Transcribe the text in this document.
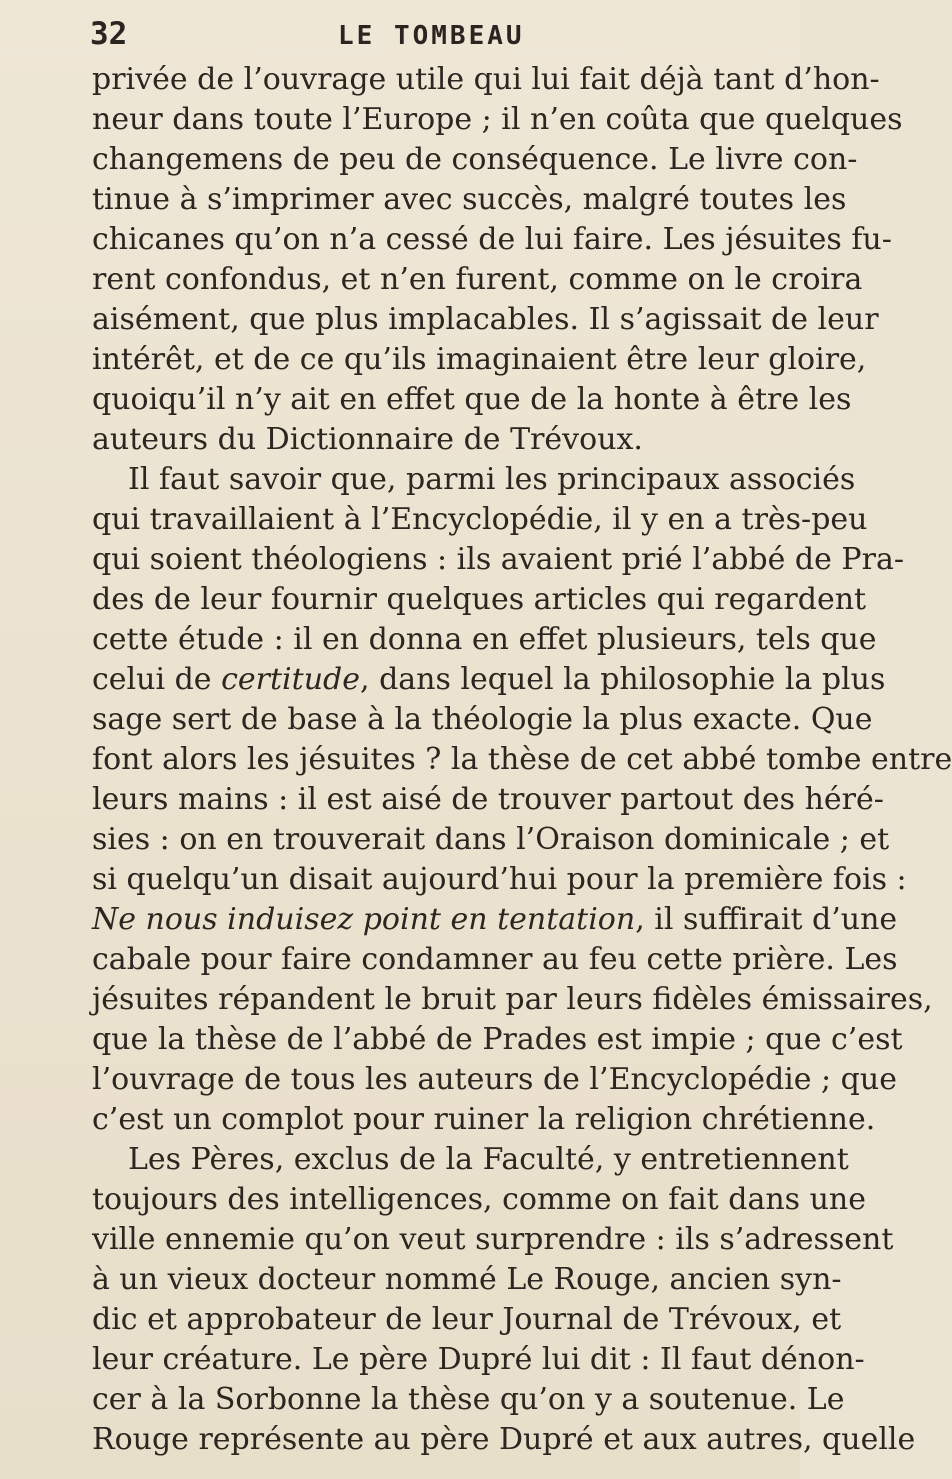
32	LE TOMBEAU
privée de l’ouvrage utile qui lui fait déjà tant d’hon-
neur dans toute l’Europe ; il n’en coûta que quelques
changemens de peu de conséquence. Le livre con-
tinue à s’imprimer avec succès, malgré toutes les
chicanes qu’on n’a cessé de lui faire. Les jésuites fu-
rent confondus, et n’en furent, comme on le croira
aisément, que plus implacables. Il s’agissait de leur
intérêt, et de ce qu’ils imaginaient être leur gloire,
quoiqu’il n’y ait en effet que de la honte à être les
auteurs du Dictionnaire de Trévoux.
Il faut savoir que, parmi les principaux associés
qui travaillaient à l’Encyclopédie, il y en a très-peu
qui soient théologiens : ils avaient prié l’abbé de Pra-
des de leur fournir quelques articles qui regardent
cette étude : il en donna en effet plusieurs, tels que
celui de certitude, dans lequel la philosophie la plus
sage sert de base à la théologie la plus exacte. Que
font alors les jésuites ? la thèse de cet abbé tombe entre
leurs mains : il est aisé de trouver partout des héré-
sies : on en trouverait dans l’Oraison dominicale ; et
si quelqu’un disait aujourd’hui pour la première fois :
Ne nous induisez point en tentation, il suffirait d’une
cabale pour faire condamner au feu cette prière. Les
jésuites répandent le bruit par leurs fidèles émissaires,
que la thèse de l’abbé de Prades est impie ; que c’est
l’ouvrage de tous les auteurs de l’Encyclopédie ; que
c’est un complot pour ruiner la religion chrétienne.
Les Pères, exclus de la Faculté, y entretiennent
toujours des intelligences, comme on fait dans une
ville ennemie qu’on veut surprendre : ils s’adressent
à un vieux docteur nommé Le Rouge, ancien syn-
dic et approbateur de leur Journal de Trévoux, et
leur créature. Le père Dupré lui dit : Il faut dénon-
cer à la Sorbonne la thèse qu’on y a soutenue. Le
Rouge représente au père Dupré et aux autres, quelle
